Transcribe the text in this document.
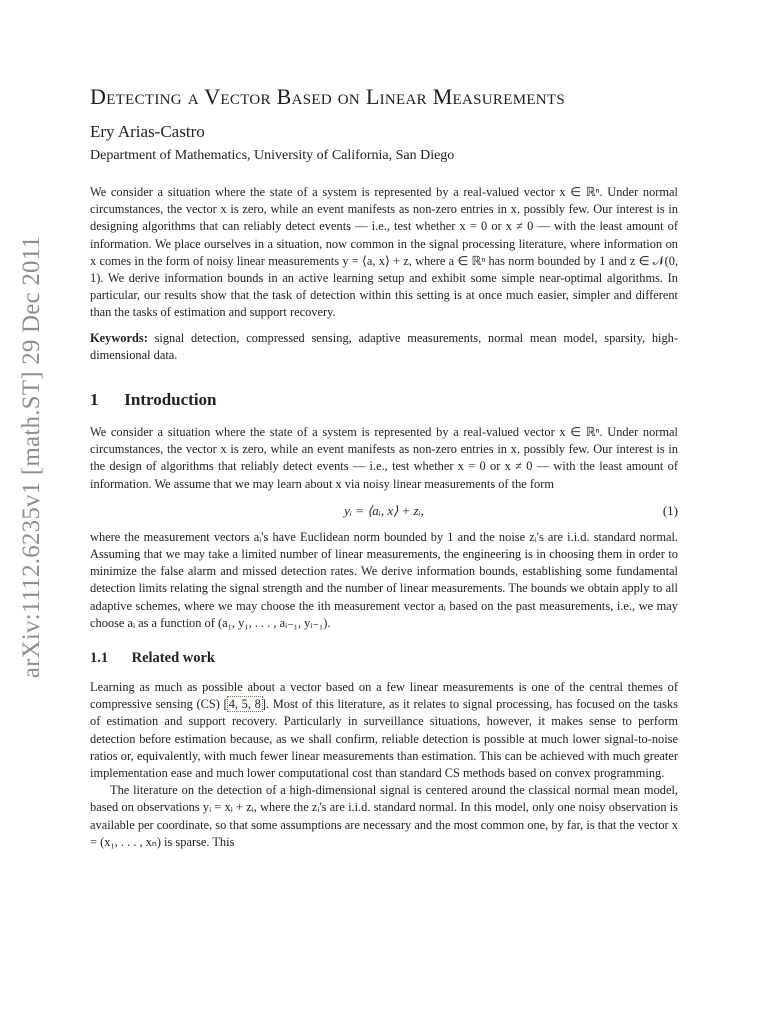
arXiv:1112.6235v1 [math.ST] 29 Dec 2011
Detecting a Vector Based on Linear Measurements
Ery Arias-Castro
Department of Mathematics, University of California, San Diego

We consider a situation where the state of a system is represented by a real-valued vector x ∈ ℝⁿ. Under normal circumstances, the vector x is zero, while an event manifests as non-zero entries in x, possibly few. Our interest is in designing algorithms that can reliably detect events — i.e., test whether x = 0 or x ≠ 0 — with the least amount of information. We place ourselves in a situation, now common in the signal processing literature, where information on x comes in the form of noisy linear measurements y = ⟨a, x⟩ + z, where a ∈ ℝⁿ has norm bounded by 1 and z ∈ 𝒩(0, 1). We derive information bounds in an active learning setup and exhibit some simple near-optimal algorithms. In particular, our results show that the task of detection within this setting is at once much easier, simpler and different than the tasks of estimation and support recovery.

Keywords: signal detection, compressed sensing, adaptive measurements, normal mean model, sparsity, high-dimensional data.

1 Introduction

We consider a situation where the state of a system is represented by a real-valued vector x ∈ ℝⁿ. Under normal circumstances, the vector x is zero, while an event manifests as non-zero entries in x, possibly few. Our interest is in the design of algorithms that reliably detect events — i.e., test whether x = 0 or x ≠ 0 — with the least amount of information. We assume that we may learn about x via noisy linear measurements of the form

yᵢ = ⟨aᵢ, x⟩ + zᵢ,	(1)

where the measurement vectors aᵢ's have Euclidean norm bounded by 1 and the noise zᵢ's are i.i.d. standard normal. Assuming that we may take a limited number of linear measurements, the engineering is in choosing them in order to minimize the false alarm and missed detection rates. We derive information bounds, establishing some fundamental detection limits relating the signal strength and the number of linear measurements. The bounds we obtain apply to all adaptive schemes, where we may choose the ith measurement vector aᵢ based on the past measurements, i.e., we may choose aᵢ as a function of (a₁, y₁, . . . , aᵢ₋₁, yᵢ₋₁).

1.1 Related work

Learning as much as possible about a vector based on a few linear measurements is one of the central themes of compressive sensing (CS) [4, 5, 8]. Most of this literature, as it relates to signal processing, has focused on the tasks of estimation and support recovery. Particularly in surveillance situations, however, it makes sense to perform detection before estimation because, as we shall confirm, reliable detection is possible at much lower signal-to-noise ratios or, equivalently, with much fewer linear measurements than estimation. This can be achieved with much greater implementation ease and much lower computational cost than standard CS methods based on convex programming.

The literature on the detection of a high-dimensional signal is centered around the classical normal mean model, based on observations yᵢ = xᵢ + zᵢ, where the zᵢ's are i.i.d. standard normal. In this model, only one noisy observation is available per coordinate, so that some assumptions are necessary and the most common one, by far, is that the vector x = (x₁, . . . , xₙ) is sparse. This
